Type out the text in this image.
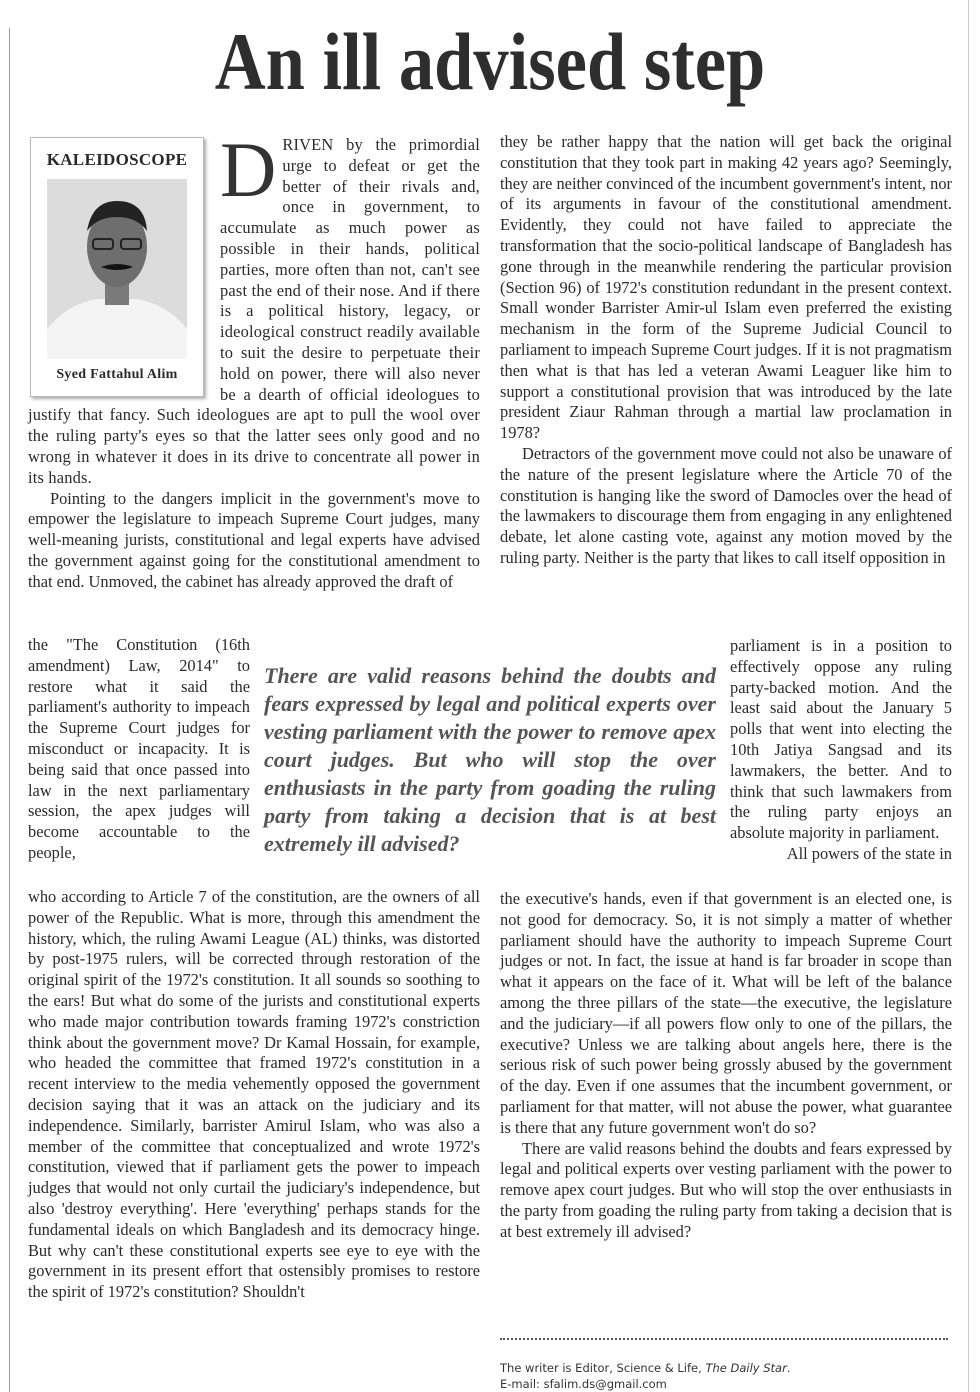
An ill advised step
KALEIDOSCOPE
Syed Fattahul Alim

DRIVEN by the primordial urge to defeat or get the better of their rivals and, once in government, to accumulate as much power as possible in their hands, political parties, more often than not, can't see past the end of their nose. And if there is a political history, legacy, or ideological construct readily available to suit the desire to perpetuate their hold on power, there will also never be a dearth of official ideologues to justify that fancy. Such ideologues are apt to pull the wool over the ruling party's eyes so that the latter sees only good and no wrong in whatever it does in its drive to concentrate all power in its hands.

Pointing to the dangers implicit in the government's move to empower the legislature to impeach Supreme Court judges, many well-meaning jurists, constitutional and legal experts have advised the government against going for the constitutional amendment to that end. Unmoved, the cabinet has already approved the draft of

the "The Constitution (16th amendment) Law, 2014" to restore what it said the parliament's authority to impeach the Supreme Court judges for misconduct or incapacity. It is being said that once passed into law in the next parliamentary session, the apex judges will become accountable to the people,

There are valid reasons behind the doubts and fears expressed by legal and political experts over vesting parliament with the power to remove apex court judges. But who will stop the over enthusiasts in the party from goading the ruling party from taking a decision that is at best extremely ill advised?

who according to Article 7 of the constitution, are the owners of all power of the Republic. What is more, through this amendment the history, which, the ruling Awami League (AL) thinks, was distorted by post-1975 rulers, will be corrected through restoration of the original spirit of the 1972's constitution. It all sounds so soothing to the ears! But what do some of the jurists and constitutional experts who made major contribution towards framing 1972's constriction think about the government move? Dr Kamal Hossain, for example, who headed the committee that framed 1972's constitution in a recent interview to the media vehemently opposed the government decision saying that it was an attack on the judiciary and its independence. Similarly, barrister Amirul Islam, who was also a member of the committee that conceptualized and wrote 1972's constitution, viewed that if parliament gets the power to impeach judges that would not only curtail the judiciary's independence, but also 'destroy everything'. Here 'everything' perhaps stands for the fundamental ideals on which Bangladesh and its democracy hinge. But why can't these constitutional experts see eye to eye with the government in its present effort that ostensibly promises to restore the spirit of 1972's constitution? Shouldn't

they be rather happy that the nation will get back the original constitution that they took part in making 42 years ago? Seemingly, they are neither convinced of the incumbent government's intent, nor of its arguments in favour of the constitutional amendment. Evidently, they could not have failed to appreciate the transformation that the socio-political landscape of Bangladesh has gone through in the meanwhile rendering the particular provision (Section 96) of 1972's constitution redundant in the present context. Small wonder Barrister Amir-ul Islam even preferred the existing mechanism in the form of the Supreme Judicial Council to parliament to impeach Supreme Court judges. If it is not pragmatism then what is that has led a veteran Awami Leaguer like him to support a constitutional provision that was introduced by the late president Ziaur Rahman through a martial law proclamation in 1978?

Detractors of the government move could not also be unaware of the nature of the present legislature where the Article 70 of the constitution is hanging like the sword of Damocles over the head of the lawmakers to discourage them from engaging in any enlightened debate, let alone casting vote, against any motion moved by the ruling party. Neither is the party that likes to call itself opposition in

parliament is in a position to effectively oppose any ruling party-backed motion. And the least said about the January 5 polls that went into electing the 10th Jatiya Sangsad and its lawmakers, the better. And to think that such lawmakers from the ruling party enjoys an absolute majority in parliament.

All powers of the state in

the executive's hands, even if that government is an elected one, is not good for democracy. So, it is not simply a matter of whether parliament should have the authority to impeach Supreme Court judges or not. In fact, the issue at hand is far broader in scope than what it appears on the face of it. What will be left of the balance among the three pillars of the state—the executive, the legislature and the judiciary—if all powers flow only to one of the pillars, the executive? Unless we are talking about angels here, there is the serious risk of such power being grossly abused by the government of the day. Even if one assumes that the incumbent government, or parliament for that matter, will not abuse the power, what guarantee is there that any future government won't do so?

There are valid reasons behind the doubts and fears expressed by legal and political experts over vesting parliament with the power to remove apex court judges. But who will stop the over enthusiasts in the party from goading the ruling party from taking a decision that is at best extremely ill advised?

The writer is Editor, Science & Life, The Daily Star.
E-mail: sfalim.ds@gmail.com
